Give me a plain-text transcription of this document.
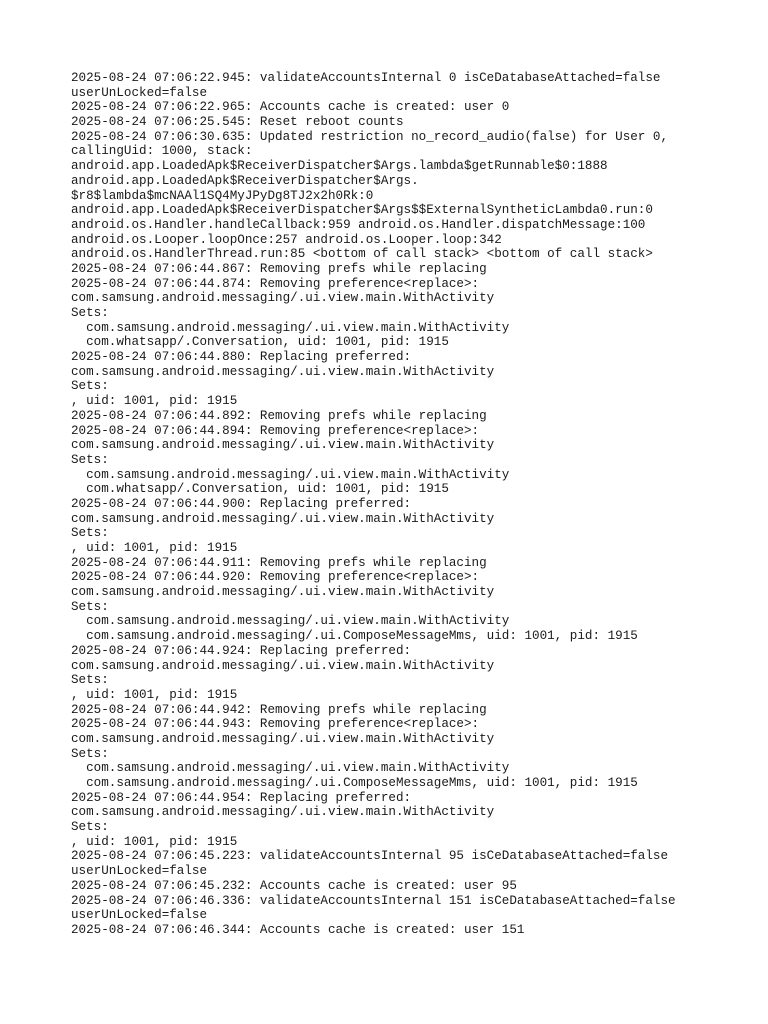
2025-08-24 07:06:22.945: validateAccountsInternal 0 isCeDatabaseAttached=false
userUnLocked=false
2025-08-24 07:06:22.965: Accounts cache is created: user 0
2025-08-24 07:06:25.545: Reset reboot counts
2025-08-24 07:06:30.635: Updated restriction no_record_audio(false) for User 0,
callingUid: 1000, stack:
android.app.LoadedApk$ReceiverDispatcher$Args.lambda$getRunnable$0:1888
android.app.LoadedApk$ReceiverDispatcher$Args.
$r8$lambda$mcNAAl1SQ4MyJPyDg8TJ2x2h0Rk:0
android.app.LoadedApk$ReceiverDispatcher$Args$$ExternalSyntheticLambda0.run:0
android.os.Handler.handleCallback:959 android.os.Handler.dispatchMessage:100
android.os.Looper.loopOnce:257 android.os.Looper.loop:342
android.os.HandlerThread.run:85 <bottom of call stack> <bottom of call stack>
2025-08-24 07:06:44.867: Removing prefs while replacing
2025-08-24 07:06:44.874: Removing preference<replace>:
com.samsung.android.messaging/.ui.view.main.WithActivity
Sets:
com.samsung.android.messaging/.ui.view.main.WithActivity
com.whatsapp/.Conversation, uid: 1001, pid: 1915
2025-08-24 07:06:44.880: Replacing preferred:
com.samsung.android.messaging/.ui.view.main.WithActivity
Sets:
, uid: 1001, pid: 1915
2025-08-24 07:06:44.892: Removing prefs while replacing
2025-08-24 07:06:44.894: Removing preference<replace>:
com.samsung.android.messaging/.ui.view.main.WithActivity
Sets:
com.samsung.android.messaging/.ui.view.main.WithActivity
com.whatsapp/.Conversation, uid: 1001, pid: 1915
2025-08-24 07:06:44.900: Replacing preferred:
com.samsung.android.messaging/.ui.view.main.WithActivity
Sets:
, uid: 1001, pid: 1915
2025-08-24 07:06:44.911: Removing prefs while replacing
2025-08-24 07:06:44.920: Removing preference<replace>:
com.samsung.android.messaging/.ui.view.main.WithActivity
Sets:
com.samsung.android.messaging/.ui.view.main.WithActivity
com.samsung.android.messaging/.ui.ComposeMessageMms, uid: 1001, pid: 1915
2025-08-24 07:06:44.924: Replacing preferred:
com.samsung.android.messaging/.ui.view.main.WithActivity
Sets:
, uid: 1001, pid: 1915
2025-08-24 07:06:44.942: Removing prefs while replacing
2025-08-24 07:06:44.943: Removing preference<replace>:
com.samsung.android.messaging/.ui.view.main.WithActivity
Sets:
com.samsung.android.messaging/.ui.view.main.WithActivity
com.samsung.android.messaging/.ui.ComposeMessageMms, uid: 1001, pid: 1915
2025-08-24 07:06:44.954: Replacing preferred:
com.samsung.android.messaging/.ui.view.main.WithActivity
Sets:
, uid: 1001, pid: 1915
2025-08-24 07:06:45.223: validateAccountsInternal 95 isCeDatabaseAttached=false
userUnLocked=false
2025-08-24 07:06:45.232: Accounts cache is created: user 95
2025-08-24 07:06:46.336: validateAccountsInternal 151 isCeDatabaseAttached=false
userUnLocked=false
2025-08-24 07:06:46.344: Accounts cache is created: user 151
